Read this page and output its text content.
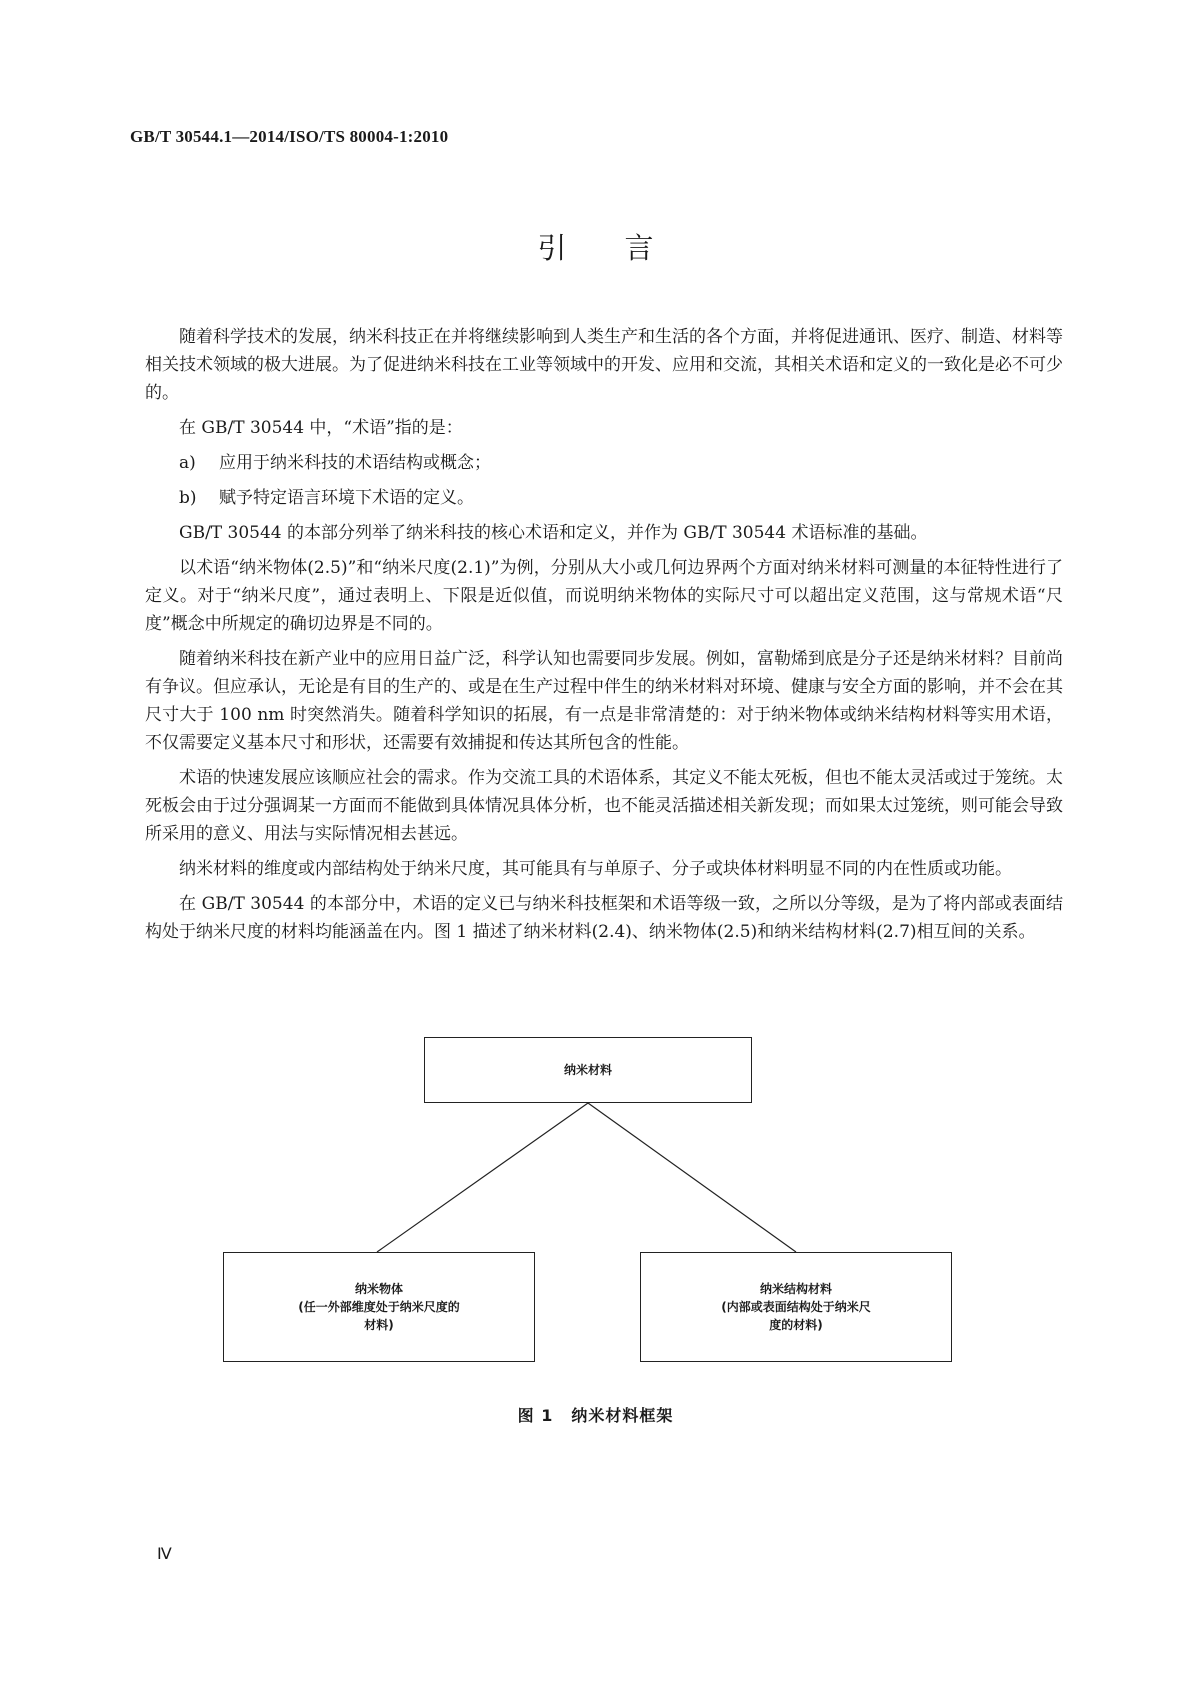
GB/T 30544.1—2014/ISO/TS 80004-1:2010
引言

随着科学技术的发展，纳米科技正在并将继续影响到人类生产和生活的各个方面，并将促进通讯、医疗、制造、材料等相关技术领域的极大进展。为了促进纳米科技在工业等领域中的开发、应用和交流，其相关术语和定义的一致化是必不可少的。

在 GB/T 30544 中，“术语”指的是：

a) 应用于纳米科技的术语结构或概念；

b) 赋予特定语言环境下术语的定义。

GB/T 30544 的本部分列举了纳米科技的核心术语和定义，并作为 GB/T 30544 术语标准的基础。

以术语“纳米物体(2.5)”和“纳米尺度(2.1)”为例，分别从大小或几何边界两个方面对纳米材料可测量的本征特性进行了定义。对于“纳米尺度”，通过表明上、下限是近似值，而说明纳米物体的实际尺寸可以超出定义范围，这与常规术语“尺度”概念中所规定的确切边界是不同的。

随着纳米科技在新产业中的应用日益广泛，科学认知也需要同步发展。例如，富勒烯到底是分子还是纳米材料？目前尚有争议。但应承认，无论是有目的生产的、或是在生产过程中伴生的纳米材料对环境、健康与安全方面的影响，并不会在其尺寸大于 100 nm 时突然消失。随着科学知识的拓展，有一点是非常清楚的：对于纳米物体或纳米结构材料等实用术语，不仅需要定义基本尺寸和形状，还需要有效捕捉和传达其所包含的性能。

术语的快速发展应该顺应社会的需求。作为交流工具的术语体系，其定义不能太死板，但也不能太灵活或过于笼统。太死板会由于过分强调某一方面而不能做到具体情况具体分析，也不能灵活描述相关新发现；而如果太过笼统，则可能会导致所采用的意义、用法与实际情况相去甚远。

纳米材料的维度或内部结构处于纳米尺度，其可能具有与单原子、分子或块体材料明显不同的内在性质或功能。

在 GB/T 30544 的本部分中，术语的定义已与纳米科技框架和术语等级一致，之所以分等级，是为了将内部或表面结构处于纳米尺度的材料均能涵盖在内。图 1 描述了纳米材料(2.4)、纳米物体(2.5)和纳米结构材料(2.7)相互间的关系。

纳米材料
纳米物体
(任一外部维度处于纳米尺度的
材料)
纳米结构材料
(内部或表面结构处于纳米尺
度的材料)
图 1 纳米材料框架
Ⅳ
